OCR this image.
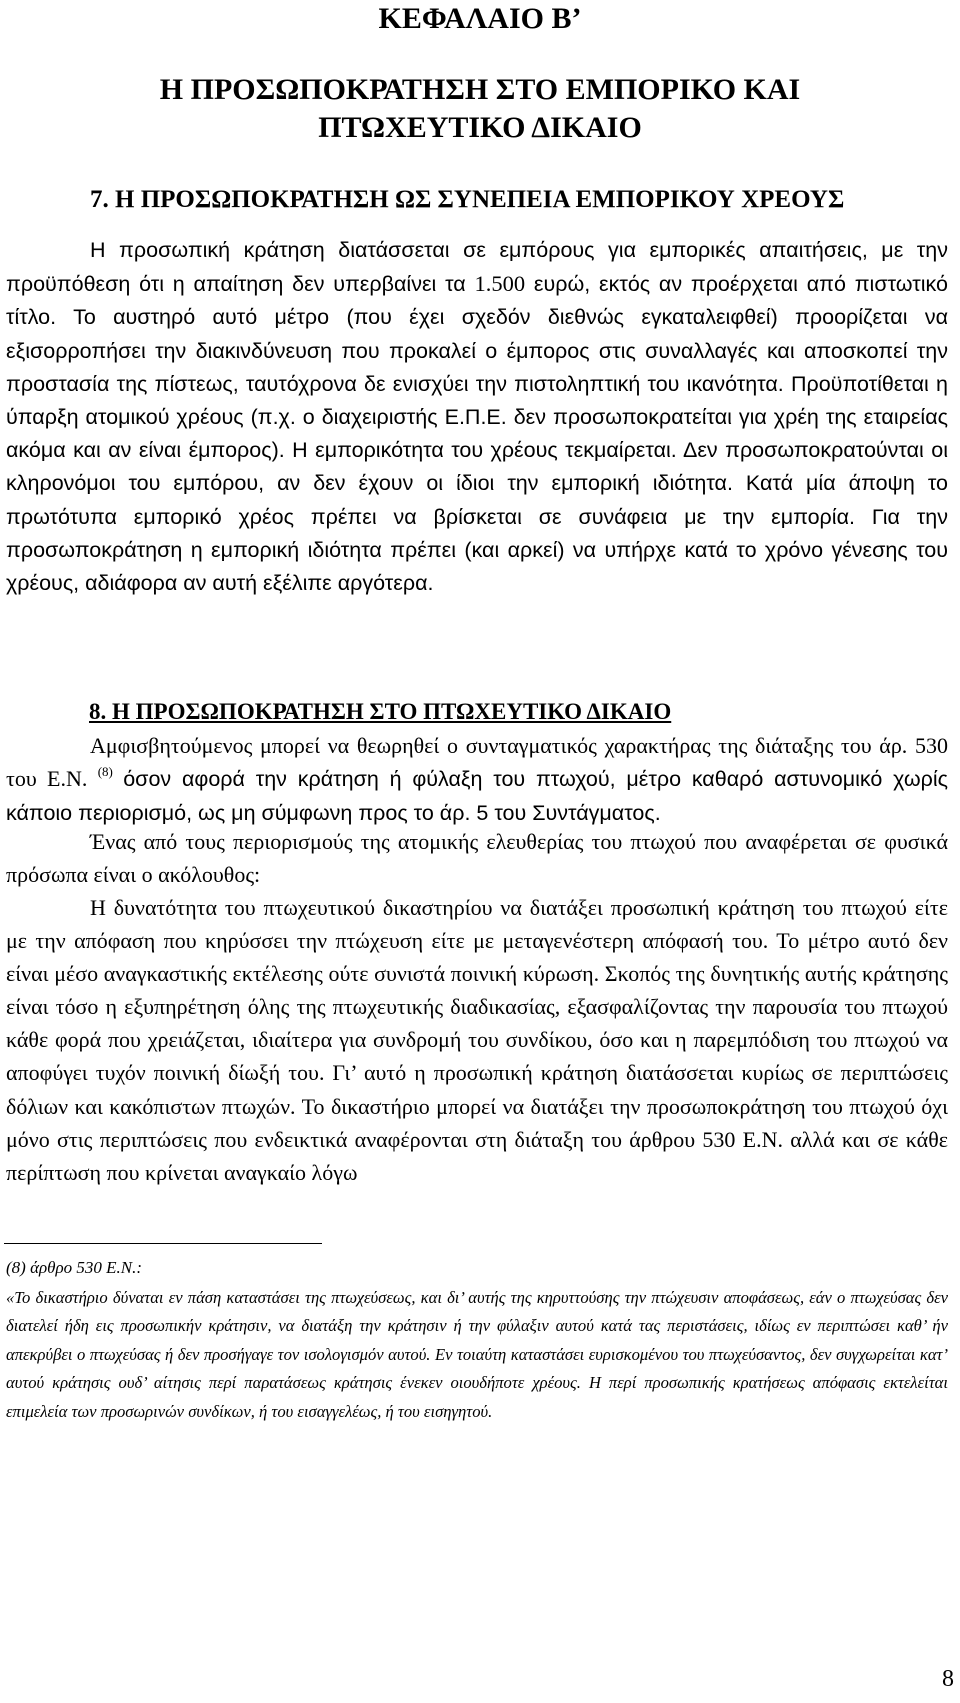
ΚΕΦΑΛΑΙΟ Β’
Η ΠΡΟΣΩΠΟΚΡΑΤΗΣΗ ΣΤΟ ΕΜΠΟΡΙΚΟ ΚΑΙ
ΠΤΩΧΕΥΤΙΚΟ ΔΙΚΑΙΟ
7. Η ΠΡΟΣΩΠΟΚΡΑΤΗΣΗ ΩΣ ΣΥΝΕΠΕΙΑ ΕΜΠΟΡΙΚΟΥ ΧΡΕΟΥΣ
Η προσωπική κράτηση διατάσσεται σε εμπόρους για εμπορικές απαιτήσεις, με την προϋπόθεση ότι η απαίτηση δεν υπερβαίνει τα 1.500 ευρώ, εκτός αν προέρχεται από πιστωτικό τίτλο. Το αυστηρό αυτό μέτρο (που έχει σχεδόν διεθνώς εγκαταλειφθεί) προορίζεται να εξισορροπήσει την διακινδύνευση που προκαλεί ο έμπορος στις συναλλαγές και αποσκοπεί την προστασία της πίστεως, ταυτόχρονα δε ενισχύει την πιστοληπτική του ικανότητα. Προϋποτίθεται η ύπαρξη ατομικού χρέους (π.χ. ο διαχειριστής Ε.Π.Ε. δεν προσωποκρατείται για χρέη της εταιρείας ακόμα και αν είναι έμπορος). Η εμπορικότητα του χρέους τεκμαίρεται. Δεν προσωποκρατούνται οι κληρονόμοι του εμπόρου, αν δεν έχουν οι ίδιοι την εμπορική ιδιότητα. Κατά μία άποψη το πρωτότυπα εμπορικό χρέος πρέπει να βρίσκεται σε συνάφεια με την εμπορία. Για την προσωποκράτηση η εμπορική ιδιότητα πρέπει (και αρκεί) να υπήρχε κατά το χρόνο γένεσης του χρέους, αδιάφορα αν αυτή εξέλιπε αργότερα.
8. Η ΠΡΟΣΩΠΟΚΡΑΤΗΣΗ ΣΤΟ ΠΤΩΧΕΥΤΙΚΟ ΔΙΚΑΙΟ
Αμφισβητούμενος μπορεί να θεωρηθεί ο συνταγματικός χαρακτήρας της διάταξης του άρ. 530 του Ε.Ν. $^{(8)}$ όσον αφορά την κράτηση ή φύλαξη του πτωχού, μέτρο καθαρό αστυνομικό χωρίς κάποιο περιορισμό, ως μη σύμφωνη προς το άρ. 5 του Συντάγματος.
Ένας από τους περιορισμούς της ατομικής ελευθερίας του πτωχού που αναφέρεται σε φυσικά πρόσωπα είναι ο ακόλουθος:
Η δυνατότητα του πτωχευτικού δικαστηρίου να διατάξει προσωπική κράτηση του πτωχού είτε με την απόφαση που κηρύσσει την πτώχευση είτε με μεταγενέστερη απόφασή του. Το μέτρο αυτό δεν είναι μέσο αναγκαστικής εκτέλεσης ούτε συνιστά ποινική κύρωση. Σκοπός της δυνητικής αυτής κράτησης είναι τόσο η εξυπηρέτηση όλης της πτωχευτικής διαδικασίας, εξασφαλίζοντας την παρουσία του πτωχού κάθε φορά που χρειάζεται, ιδιαίτερα για συνδρομή του συνδίκου, όσο και η παρεμπόδιση του πτωχού να αποφύγει τυχόν ποινική δίωξή του. Γι’ αυτό η προσωπική κράτηση διατάσσεται κυρίως σε περιπτώσεις δόλιων και κακόπιστων πτωχών. Το δικαστήριο μπορεί να διατάξει την προσωποκράτηση του πτωχού όχι μόνο στις περιπτώσεις που ενδεικτικά αναφέρονται στη διάταξη του άρθρου 530 Ε.Ν. αλλά και σε κάθε περίπτωση που κρίνεται αναγκαίο λόγω
(8) άρθρο 530 Ε.Ν.:
«Το δικαστήριο δύναται εν πάση καταστάσει της πτωχεύσεως, και δι’ αυτής της κηρυττούσης την πτώχευσιν αποφάσεως, εάν ο πτωχεύσας δεν διατελεί ήδη εις προσωπικήν κράτησιν, να διατάξη την κράτησιν ή την φύλαξιν αυτού κατά τας περιστάσεις, ιδίως εν περιπτώσει καθ’ ήν απεκρύβει ο πτωχεύσας ή δεν προσήγαγε τον ισολογισμόν αυτού. Εν τοιαύτη καταστάσει ευρισκομένου του πτωχεύσαντος, δεν συγχωρείται κατ’ αυτού κράτησις ουδ’ αίτησις περί παρατάσεως κράτησις ένεκεν οιουδήποτε χρέους. Η περί προσωπικής κρατήσεως απόφασις εκτελείται επιμελεία των προσωρινών συνδίκων, ή του εισαγγελέως, ή του εισηγητού.
8
